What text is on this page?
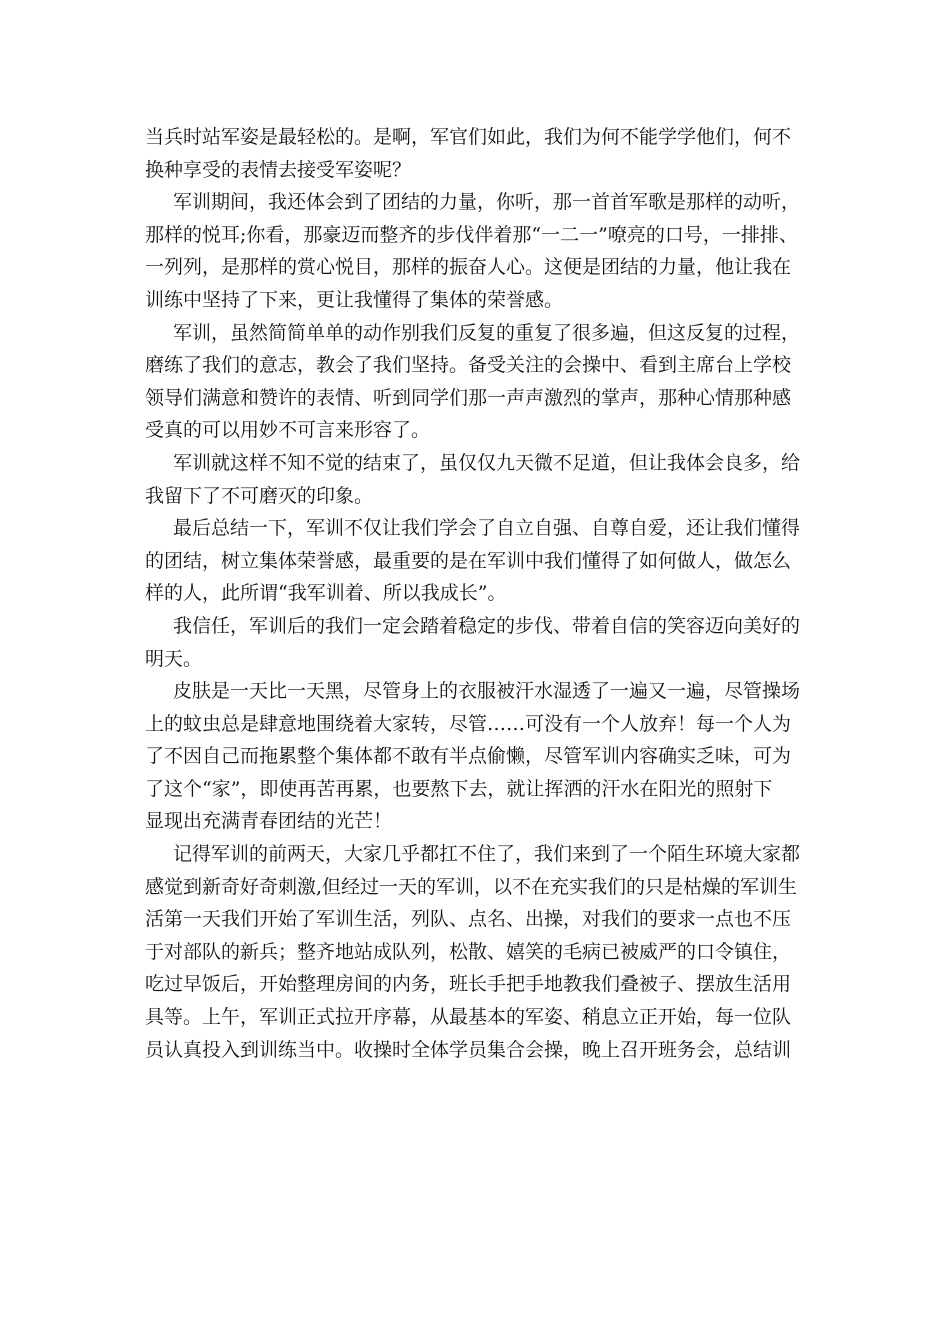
当兵时站军姿是最轻松的。是啊，军官们如此，我们为何不能学学他们，何不
换种享受的表情去接受军姿呢？
军训期间，我还体会到了团结的力量，你听，那一首首军歌是那样的动听，
那样的悦耳;你看，那豪迈而整齐的步伐伴着那“一二一”嘹亮的口号，一排排、
一列列，是那样的赏心悦目，那样的振奋人心。这便是团结的力量，他让我在
训练中坚持了下来，更让我懂得了集体的荣誉感。
军训，虽然简简单单的动作别我们反复的重复了很多遍，但这反复的过程，
磨练了我们的意志，教会了我们坚持。备受关注的会操中、看到主席台上学校
领导们满意和赞许的表情、听到同学们那一声声激烈的掌声，那种心情那种感
受真的可以用妙不可言来形容了。
军训就这样不知不觉的结束了，虽仅仅九天微不足道，但让我体会良多，给
我留下了不可磨灭的印象。
最后总结一下，军训不仅让我们学会了自立自强、自尊自爱，还让我们懂得
的团结，树立集体荣誉感，最重要的是在军训中我们懂得了如何做人，做怎么
样的人，此所谓“我军训着、所以我成长”。
我信任，军训后的我们一定会踏着稳定的步伐、带着自信的笑容迈向美好的
明天。
皮肤是一天比一天黑，尽管身上的衣服被汗水湿透了一遍又一遍，尽管操场
上的蚊虫总是肆意地围绕着大家转，尽管……可没有一个人放弃！每一个人为
了不因自己而拖累整个集体都不敢有半点偷懒，尽管军训内容确实乏味，可为
了这个“家”，即使再苦再累，也要熬下去，就让挥洒的汗水在阳光的照射下
显现出充满青春团结的光芒！
记得军训的前两天，大家几乎都扛不住了，我们来到了一个陌生环境大家都
感觉到新奇好奇刺激,但经过一天的军训，以不在充实我们的只是枯燥的军训生
活第一天我们开始了军训生活，列队、点名、出操，对我们的要求一点也不压
于对部队的新兵；整齐地站成队列，松散、嬉笑的毛病已被威严的口令镇住，
吃过早饭后，开始整理房间的内务，班长手把手地教我们叠被子、摆放生活用
具等。上午，军训正式拉开序幕，从最基本的军姿、稍息立正开始，每一位队
员认真投入到训练当中。收操时全体学员集合会操，晚上召开班务会，总结训
